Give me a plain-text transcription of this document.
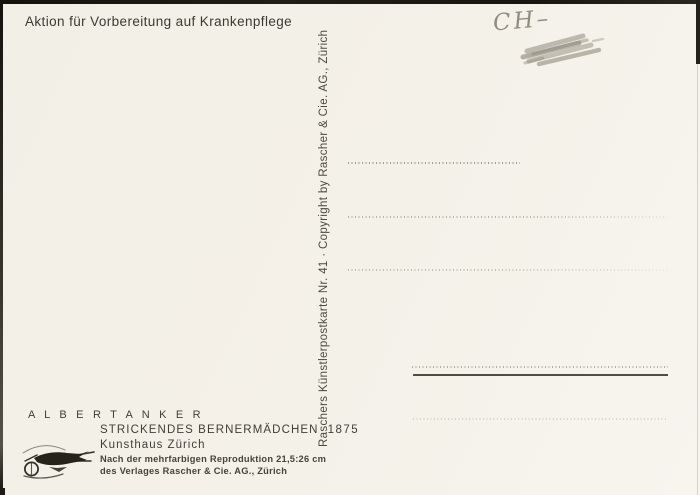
Aktion für Vorbereitung auf Krankenpflege	CH–
Raschers Künstlerpostkarte Nr. 41 · Copyright by Rascher & Cie. AG., Zürich
A L B E R T A N K E R
STRICKENDES BERNERMÄDCHEN 1875
Kunsthaus Zürich
Nach der mehrfarbigen Reproduktion 21,5:26 cm
des Verlages Rascher & Cie. AG., Zürich
